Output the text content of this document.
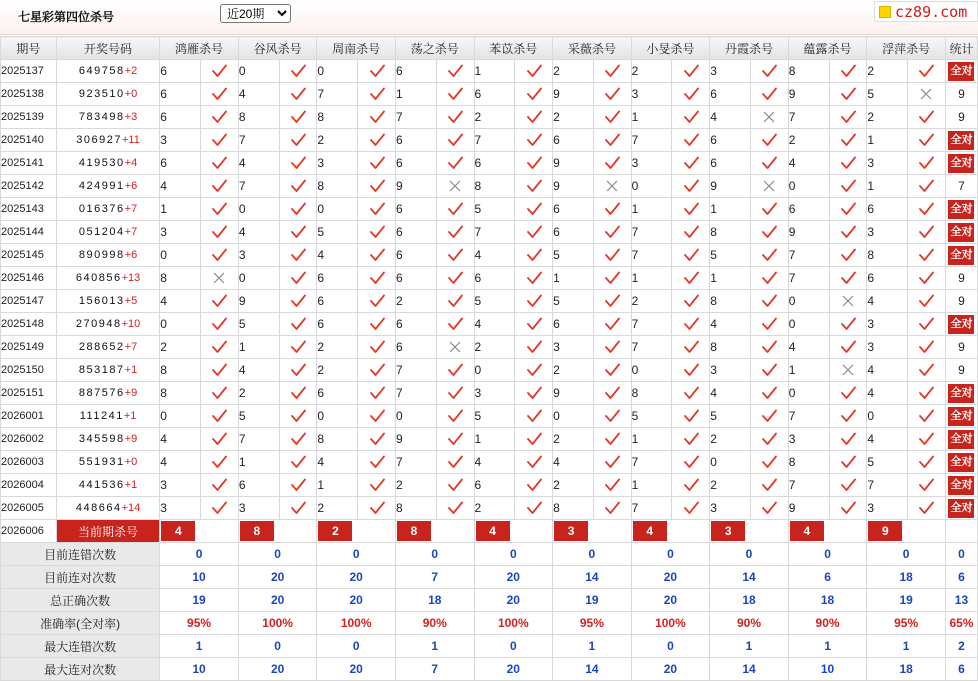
七星彩第四位杀号
近20期	cz89.com
期号	开奖号码	鸿雁杀号		谷风杀号		周南杀号		荡之杀号		苯苡杀号		采薇杀号		小旻杀号		丹霞杀号		蕴露杀号		浮萍杀号		统计
2025137	649758+2	6		0		0		6		1		2		2		3		8		2		全对
2025138	923510+0	6		4		7		1		6		9		3		6		9		5		9
2025139	783498+3	6		8		8		7		2		2		1		4		7		2		9
2025140	306927+11	3		7		2		6		7		6		7		6		2		1		全对
2025141	419530+4	6		4		3		6		6		9		3		6		4		3		全对
2025142	424991+6	4		7		8		9		8		9		0		9		0		1		7
2025143	016376+7	1		0		0		6		5		6		1		1		6		6		全对
2025144	051204+7	3		4		5		6		7		6		7		8		9		3		全对
2025145	890998+6	0		3		4		6		4		5		7		5		7		8		全对
2025146	640856+13	8		0		6		6		6		1		1		1		7		6		9
2025147	156013+5	4		9		6		2		5		5		2		8		0		4		9
2025148	270948+10	0		5		6		6		4		6		7		4		0		3		全对
2025149	288652+7	2		1		2		6		2		3		7		8		4		3		9
2025150	853187+1	8		4		2		7		0		2		0		3		1		4		9
2025151	887576+9	8		2		6		7		3		9		8		4		0		4		全对
2026001	111241+1	0		5		0		0		5		0		5		5		7		0		全对
2026002	345598+9	4		7		8		9		1		2		1		2		3		4		全对
2026003	551931+0	4		1		4		7		4		4		7		0		8		5		全对
2026004	441536+1	3		6		1		2		6		2		1		2		7		7		全对
2026005	448664+14	3		3		2		8		2		8		7		3		9		3		全对
2026006	当前期杀号	4		8		2		8		4		3		4		3		4		9		
目前连错次数		0		0		0		0		0		0		0		0		0		0		0
目前连对次数		10		20		20		7		20		14		20		14		6		18		6
总正确次数		19		20		20		18		20		19		20		18		18		19		13
准确率(全对率)		95%		100%		100%		90%		100%		95%		100%		90%		90%		95%		65%
最大连错次数		1		0		0		1		0		1		0		1		1		1		2
最大连对次数		10		20		20		7		20		14		20		14		10		18		6
